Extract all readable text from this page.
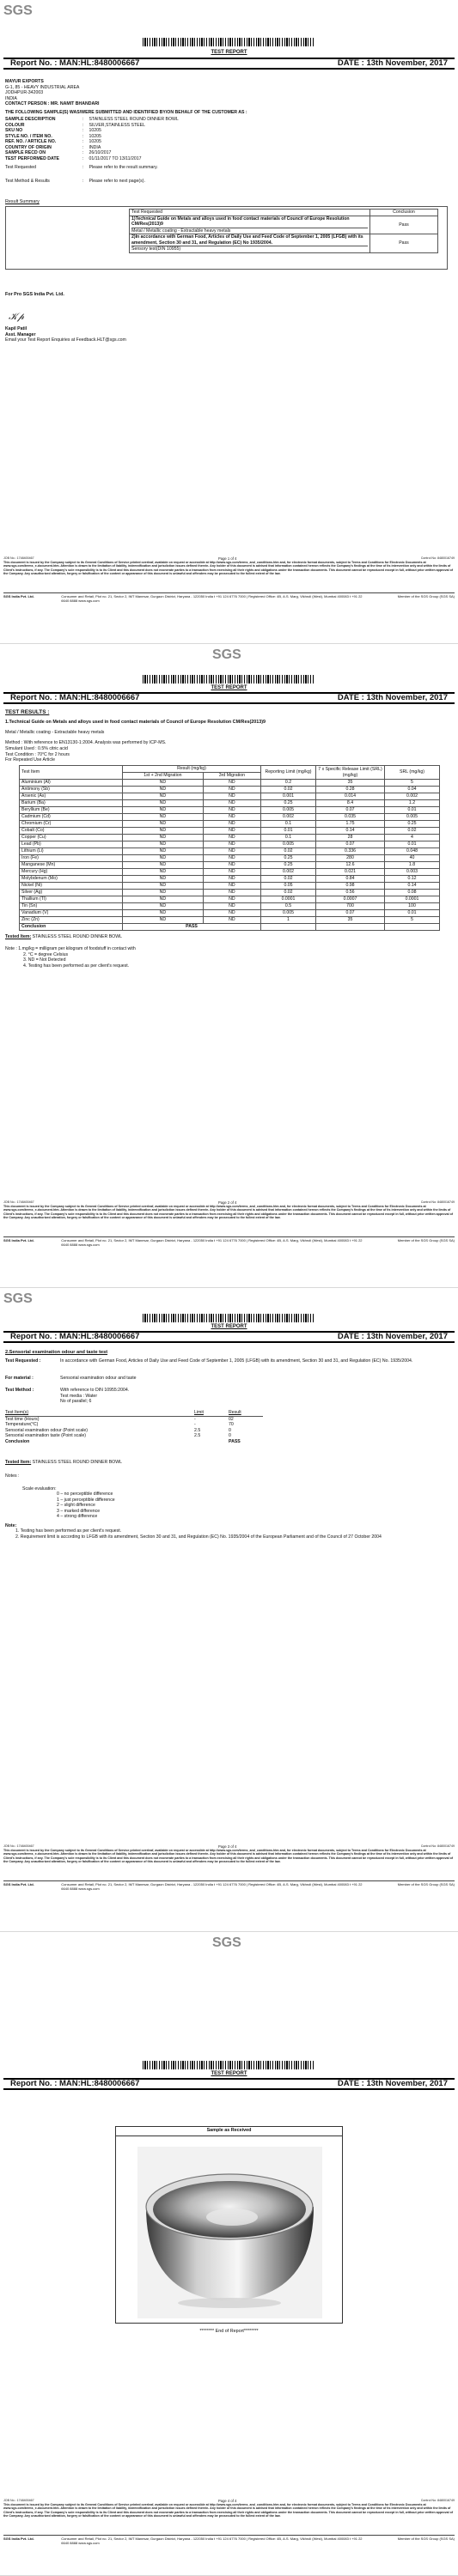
SGS
TEST REPORT
Report No. : MAN:HL:8480006667	DATE : 13th November, 2017
MAYUR EXPORTS
G-1, 85 - HEAVY INDUSTRIAL AREA
JODHPUR-342003
INDIA
CONTACT PERSON : MR. NAMIT BHANDARI
THE FOLLOWING SAMPLE(S) WAS/WERE SUBMITTED AND IDENTIFIED BY/ON BEHALF OF THE CUSTOMER AS :
SAMPLE DESCRIPTION	: STAINLESS STEEL ROUND DINNER BOWL
COLOUR	: SILVER,STAINLESS STEEL
SKU NO	: 10205
STYLE NO. / ITEM NO.	: 10205
REF. NO. / ARTICLE NO.	: 10205
COUNTRY OF ORIGIN	: INDIA
SAMPLE RECD ON	: 26/10/2017
TEST PERFORMED DATE	: 01/11/2017 TO 13/11/2017
Test Requested	: Please refer to the result summary.
Test Method & Results	: Please refer to next page(s).
Result Summary
Test Requested	Conclusion

1)Technical Guide on Metals and alloys used in food contact materials of Council of Europe Resolution CM/Res(2013)9
Metal / Metallic coating - Extractable heavy metals	Pass

2)In accordance with German Food, Articles of Daily Use and Feed Code of September 1, 2005 (LFGB) with its amendment, Section 30 and 31, and Regulation (EC) No 1935/2004.
Sensory test(DIN 10955)	Pass
For Pro SGS India Pvt. Ltd.
𝒦𝓅
Kapil Patil
Asst. Manager
Email your Test Report Enquiries at Feedback.HLT@sgs.com
JOB No.: 1748400467	Page 1 of 4	Control No: 8480016749
This document is issued by the Company subject to its General Conditions of Service printed overleaf, available on request or accessible at http://www.sgs.com/terms_and_conditions.htm and, for electronic format documents, subject to Terms and Conditions for Electronic Documents at www.sgs.com/terms_e-document.htm. Attention is drawn to the limitation of liability, indemnification and jurisdiction issues defined therein. Any holder of this document is advised that information contained hereon reflects the Company's findings at the time of its intervention only and within the limits of Client's instructions, if any. The Company's sole responsibility is to its Client and this document does not exonerate parties to a transaction from exercising all their rights and obligations under the transaction documents. This document cannot be reproduced except in full, without prior written approval of the Company. Any unauthorized alteration, forgery or falsification of the content or appearance of this document is unlawful and offenders may be prosecuted to the fullest extent of the law.
SGS India Pvt. Ltd.	Consumer and Retail, Plot no. 21, Sector 2, IMT Manesar, Gurgaon District, Haryana - 122050 India t +91 124 6776 7000 | Registered Office: 4B, A.S. Marg, Vikhroli (West), Mumbai 400083 t +91 22 6640 8888 www.sgs.com
Member of the SGS Group (SGS SA)
SGS
TEST REPORT
Report No. : MAN:HL:8480006667	DATE : 13th November, 2017
TEST RESULTS :
1.Technical Guide on Metals and alloys used in food contact materials of Council of Europe Resolution CM/Res(2013)9
Metal / Metallic coating - Extractable heavy metals
Method : With reference to EN13130-1:2004. Analysis was performed by ICP-MS.
Simulant Used : 0.5% citric acid
Test Condition : 70°C for 2 hours
For Repeated Use Article
Test Item	Result (mg/kg)		Reporting Limit (mg/kg)	7 x Specific Release Limit (SRL) (mg/kg)	SRL (mg/kg)
	1st + 2nd Migration	3rd Migration			
Aluminium (Al)	ND	ND	0.2	35	5
Antimony (Sb)	ND	ND	0.02	0.28	0.04
Arsenic (As)	ND	ND	0.001	0.014	0.002
Barium (Ba)	ND	ND	0.25	8.4	1.2
Beryllium (Be)	ND	ND	0.005	0.07	0.01
Cadmium (Cd)	ND	ND	0.002	0.035	0.005
Chromium (Cr)	ND	ND	0.1	1.75	0.25
Cobalt (Co)	ND	ND	0.01	0.14	0.02
Copper (Cu)	ND	ND	0.1	28	4
Lead (Pb)	ND	ND	0.005	0.07	0.01
Lithium (Li)	ND	ND	0.02	0.336	0.048
Iron (Fe)	ND	ND	0.25	280	40
Manganese (Mn)	ND	ND	0.25	12.6	1.8
Mercury (Hg)	ND	ND	0.002	0.021	0.003
Molybdenum (Mo)	ND	ND	0.02	0.84	0.12
Nickel (Ni)	ND	ND	0.05	0.98	0.14
Silver (Ag)	ND	ND	0.02	0.56	0.08
Thallium (Tl)	ND	ND	0.0001	0.0007	0.0001
Tin (Sn)	ND	ND	0.5	700	100
Vanadium (V)	ND	ND	0.005	0.07	0.01
Zinc (Zn)	ND	ND	1	35	5
Conclusion	PASS				
Tested Item: STAINLESS STEEL ROUND DINNER BOWL
Note : 1.mg/kg = milligram per kilogram of foodstuff in contact with
2. °C = degree Celsius
3. ND = Not Detected
4. Testing has been performed as per client's request.
JOB No.: 1748400467	Page 2 of 4	Control No: 8480016749
This document is issued by the Company subject to its General Conditions of Service printed overleaf, available on request or accessible at http://www.sgs.com/terms_and_conditions.htm and, for electronic format documents, subject to Terms and Conditions for Electronic Documents at www.sgs.com/terms_e-document.htm. Attention is drawn to the limitation of liability, indemnification and jurisdiction issues defined therein. Any holder of this document is advised that information contained hereon reflects the Company's findings at the time of its intervention only and within the limits of Client's instructions, if any. The Company's sole responsibility is to its Client and this document does not exonerate parties to a transaction from exercising all their rights and obligations under the transaction documents. This document cannot be reproduced except in full, without prior written approval of the Company. Any unauthorized alteration, forgery or falsification of the content or appearance of this document is unlawful and offenders may be prosecuted to the fullest extent of the law.
SGS India Pvt. Ltd.	Consumer and Retail, Plot no. 21, Sector 2, IMT Manesar, Gurgaon District, Haryana - 122050 India t +91 124 6776 7000 | Registered Office: 4B, A.S. Marg, Vikhroli (West), Mumbai 400083 t +91 22 6640 8888 www.sgs.com
Member of the SGS Group (SGS SA)
SGS
TEST REPORT
Report No. : MAN:HL:8480006667	DATE : 13th November, 2017
2.Sensorial examination odour and taste test
Test Requested :	In accordance with German Food, Articles of Daily Use and Feed Code of September 1, 2005 (LFGB) with its amendment, Section 30 and 31, and Regulation (EC) No. 1935/2004.
For material :	Sensorial examination odour and taste
Test Method :	With reference to DIN 10955:2004.
Test media : Water
No of parallel; 6
Test Item(s)	Limit	Result
Test time (Hours)	-	02
Temperature(°C)	-	70
Sensorial examination odour (Point scale)	2.5	0
Sensorial examination taste (Point scale)	2.5	0
Conclusion	PASS
Tested Item: STAINLESS STEEL ROUND DINNER BOWL
Notes :
Scale evaluation:
0 – no perceptible difference
1 – just perceptible difference
2 – slight difference
3 – marked difference
4 – strong difference
Note:
1. Testing has been performed as per client's request.
2. Requirement limit is according to LFGB with its amendment, Section 30 and 31, and Regulation (EC) No. 1935/2004 of the European Parliament and of the Council of 27 October 2004
JOB No.: 1748400467	Page 3 of 4	Control No: 8480016749
This document is issued by the Company subject to its General Conditions of Service printed overleaf, available on request or accessible at http://www.sgs.com/terms_and_conditions.htm and, for electronic format documents, subject to Terms and Conditions for Electronic Documents at www.sgs.com/terms_e-document.htm. Attention is drawn to the limitation of liability, indemnification and jurisdiction issues defined therein. Any holder of this document is advised that information contained hereon reflects the Company's findings at the time of its intervention only and within the limits of Client's instructions, if any. The Company's sole responsibility is to its Client and this document does not exonerate parties to a transaction from exercising all their rights and obligations under the transaction documents. This document cannot be reproduced except in full, without prior written approval of the Company. Any unauthorized alteration, forgery or falsification of the content or appearance of this document is unlawful and offenders may be prosecuted to the fullest extent of the law.
SGS India Pvt. Ltd.	Consumer and Retail, Plot no. 21, Sector 2, IMT Manesar, Gurgaon District, Haryana - 122050 India t +91 124 6776 7000 | Registered Office: 4B, A.S. Marg, Vikhroli (West), Mumbai 400083 t +91 22 6640 8888 www.sgs.com
Member of the SGS Group (SGS SA)
SGS
TEST REPORT
Report No. : MAN:HL:8480006667	DATE : 13th November, 2017
Sample as Received
******** End of Report********
JOB No.: 1748400467	Page 4 of 4	Control No: 8480016749
This document is issued by the Company subject to its General Conditions of Service printed overleaf, available on request or accessible at http://www.sgs.com/terms_and_conditions.htm and, for electronic format documents, subject to Terms and Conditions for Electronic Documents at www.sgs.com/terms_e-document.htm. Attention is drawn to the limitation of liability, indemnification and jurisdiction issues defined therein. Any holder of this document is advised that information contained hereon reflects the Company's findings at the time of its intervention only and within the limits of Client's instructions, if any. The Company's sole responsibility is to its Client and this document does not exonerate parties to a transaction from exercising all their rights and obligations under the transaction documents. This document cannot be reproduced except in full, without prior written approval of the Company. Any unauthorized alteration, forgery or falsification of the content or appearance of this document is unlawful and offenders may be prosecuted to the fullest extent of the law.
SGS India Pvt. Ltd.	Consumer and Retail, Plot no. 21, Sector 2, IMT Manesar, Gurgaon District, Haryana - 122050 India t +91 124 6776 7000 | Registered Office: 4B, A.S. Marg, Vikhroli (West), Mumbai 400083 t +91 22 6640 8888 www.sgs.com
Member of the SGS Group (SGS SA)
